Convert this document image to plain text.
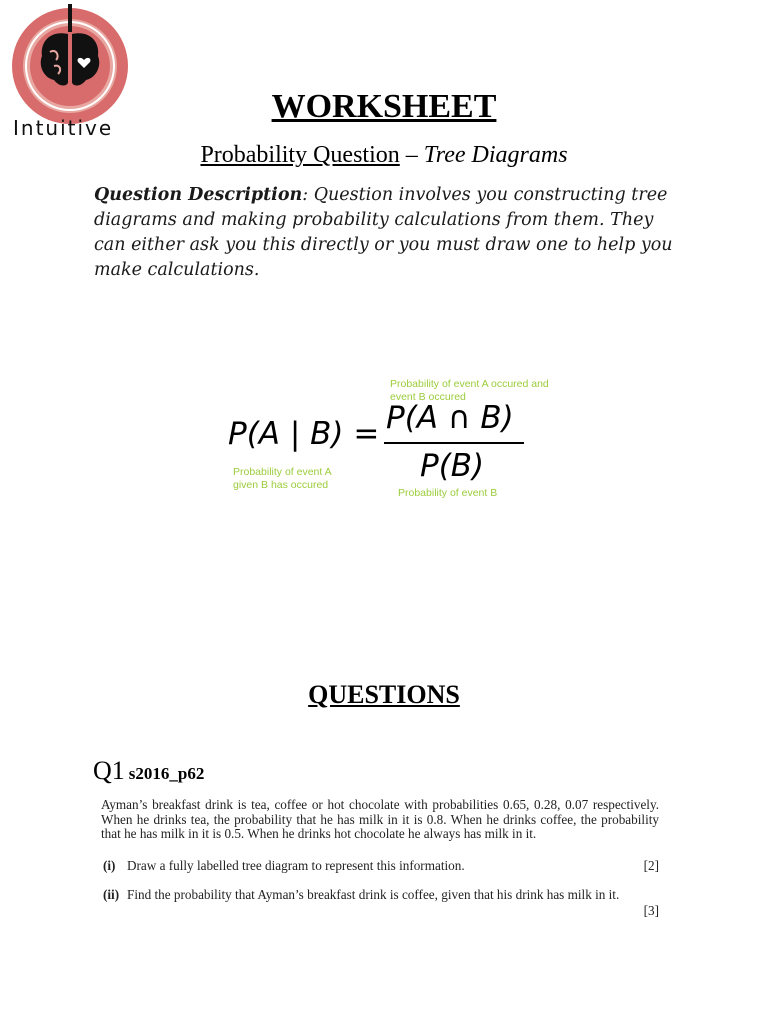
Intuitive
WORKSHEET
Probability Question – Tree Diagrams
Question Description: Question involves you constructing tree diagrams and making probability calculations from them. They can either ask you this directly or you must draw one to help you make calculations.
Probability of event A occured and event B occured
P(A ∩ B)
P(A | B) =
P(B)
Probability of event A given B has occured
Probability of event B
QUESTIONS
Q1 s2016_p62
Ayman’s breakfast drink is tea, coffee or hot chocolate with probabilities 0.65, 0.28, 0.07 respectively. When he drinks tea, the probability that he has milk in it is 0.8. When he drinks coffee, the probability that he has milk in it is 0.5. When he drinks hot chocolate he always has milk in it.
(i) Draw a fully labelled tree diagram to represent this information.	[2]
(ii) Find the probability that Ayman’s breakfast drink is coffee, given that his drink has milk in it.
[3]
